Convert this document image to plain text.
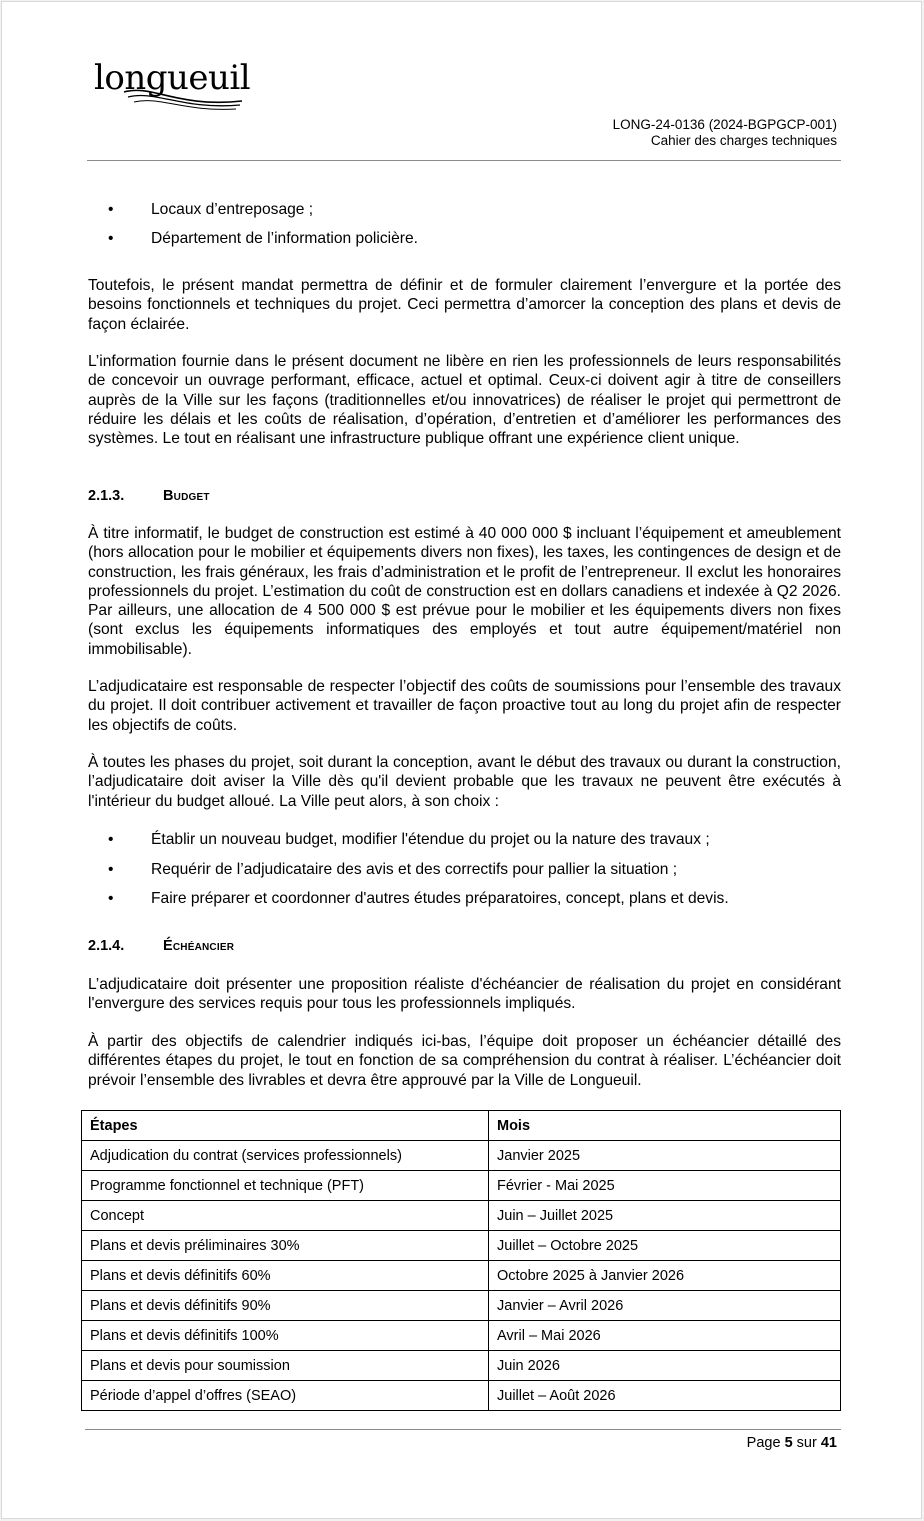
longueuil
LONG-24-0136 (2024-BGPGCP-001)
Cahier des charges techniques
• Locaux d’entreposage ;
• Département de l’information policière.
Toutefois, le présent mandat permettra de définir et de formuler clairement l’envergure et la portée des besoins fonctionnels et techniques du projet. Ceci permettra d’amorcer la conception des plans et devis de façon éclairée.
L’information fournie dans le présent document ne libère en rien les professionnels de leurs responsabilités de concevoir un ouvrage performant, efficace, actuel et optimal. Ceux-ci doivent agir à titre de conseillers auprès de la Ville sur les façons (traditionnelles et/ou innovatrices) de réaliser le projet qui permettront de réduire les délais et les coûts de réalisation, d’opération, d’entretien et d’améliorer les performances des systèmes. Le tout en réalisant une infrastructure publique offrant une expérience client unique.
2.1.3.	Budget
À titre informatif, le budget de construction est estimé à 40 000 000 $ incluant l’équipement et ameublement (hors allocation pour le mobilier et équipements divers non fixes), les taxes, les contingences de design et de construction, les frais généraux, les frais d’administration et le profit de l’entrepreneur. Il exclut les honoraires professionnels du projet. L’estimation du coût de construction est en dollars canadiens et indexée à Q2 2026. Par ailleurs, une allocation de 4 500 000 $ est prévue pour le mobilier et les équipements divers non fixes (sont exclus les équipements informatiques des employés et tout autre équipement/matériel non immobilisable).
L’adjudicataire est responsable de respecter l’objectif des coûts de soumissions pour l’ensemble des travaux du projet. Il doit contribuer activement et travailler de façon proactive tout au long du projet afin de respecter les objectifs de coûts.
À toutes les phases du projet, soit durant la conception, avant le début des travaux ou durant la construction, l’adjudicataire doit aviser la Ville dès qu'il devient probable que les travaux ne peuvent être exécutés à l'intérieur du budget alloué. La Ville peut alors, à son choix :
• Établir un nouveau budget, modifier l'étendue du projet ou la nature des travaux ;
• Requérir de l’adjudicataire des avis et des correctifs pour pallier la situation ;
• Faire préparer et coordonner d'autres études préparatoires, concept, plans et devis.
2.1.4.	Échéancier
L’adjudicataire doit présenter une proposition réaliste d'échéancier de réalisation du projet en considérant l'envergure des services requis pour tous les professionnels impliqués.
À partir des objectifs de calendrier indiqués ici-bas, l’équipe doit proposer un échéancier détaillé des différentes étapes du projet, le tout en fonction de sa compréhension du contrat à réaliser. L’échéancier doit prévoir l’ensemble des livrables et devra être approuvé par la Ville de Longueuil.
Étapes	Mois
Adjudication du contrat (services professionnels)	Janvier 2025
Programme fonctionnel et technique (PFT)	Février - Mai 2025
Concept	Juin – Juillet 2025
Plans et devis préliminaires 30%	Juillet – Octobre 2025
Plans et devis définitifs 60%	Octobre 2025 à Janvier 2026
Plans et devis définitifs 90%	Janvier – Avril 2026
Plans et devis définitifs 100%	Avril – Mai 2026
Plans et devis pour soumission	Juin 2026
Période d’appel d’offres (SEAO)	Juillet – Août 2026
Page 5 sur 41
